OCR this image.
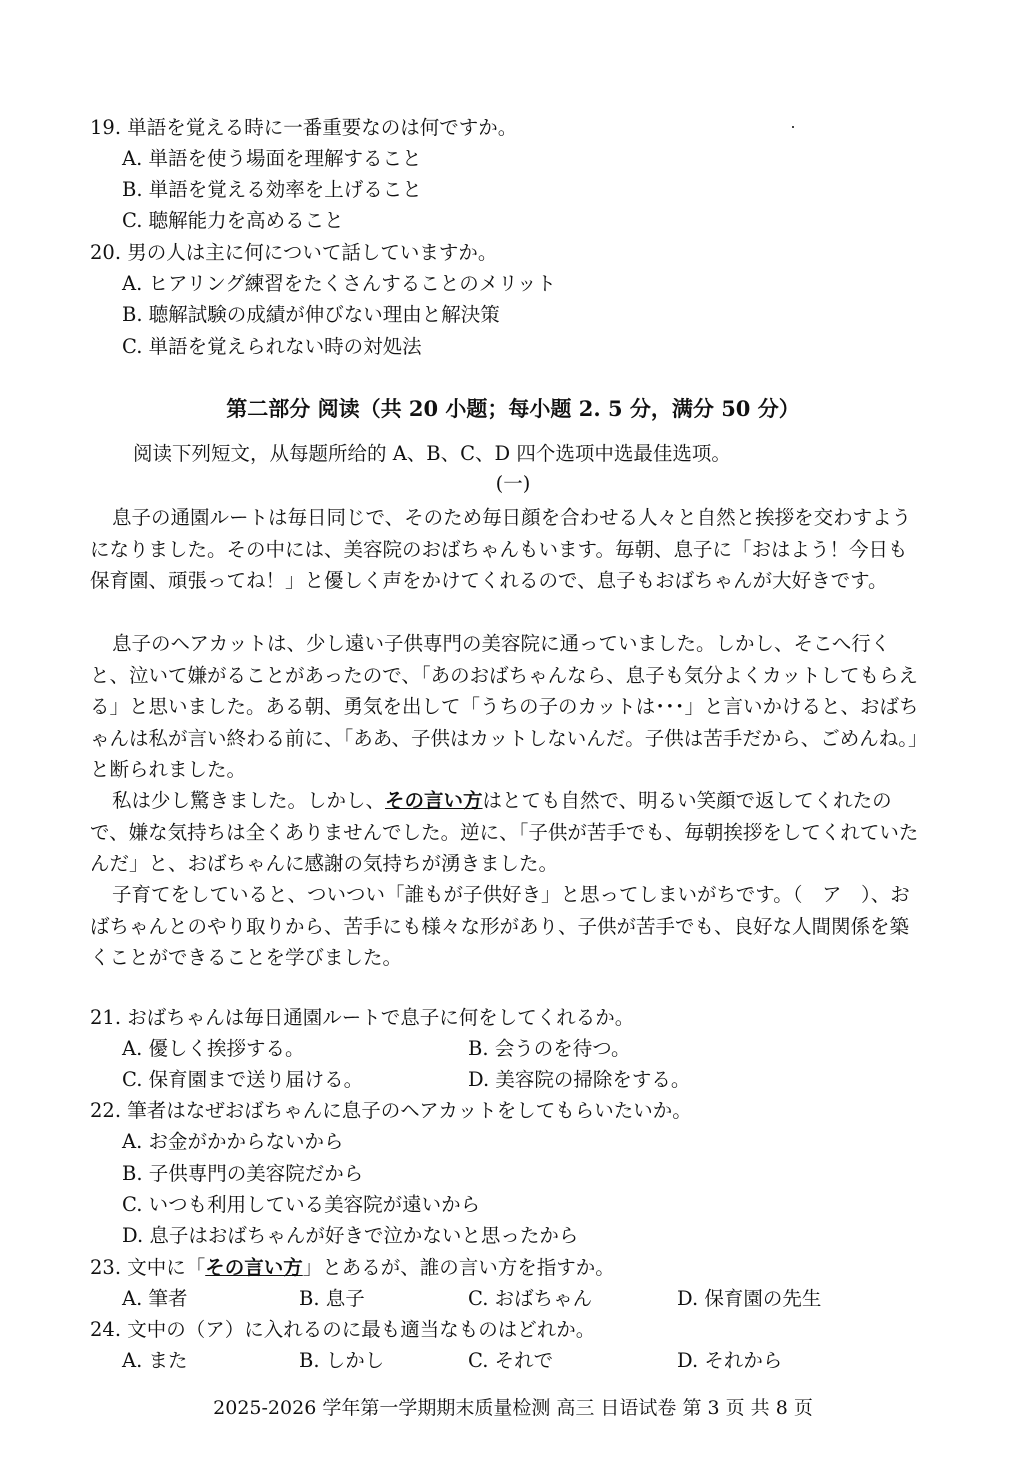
19. 単語を覚える時に一番重要なのは何ですか。
A. 単語を使う場面を理解すること
B. 単語を覚える効率を上げること
C. 聴解能力を高めること
20. 男の人は主に何について話していますか。
A. ヒアリング練習をたくさんすることのメリット
B. 聴解試験の成績が伸びない理由と解決策
C. 単語を覚えられない時の対処法
第二部分 阅读（共 20 小题；每小题 2. 5 分，满分 50 分）
阅读下列短文，从每题所给的 A、B、C、D 四个选项中选最佳选项。
(一)

息子の通園ルートは毎日同じで、そのため毎日顔を合わせる人々と自然と挨拶を交わすようになりました。その中には、美容院のおばちゃんもいます。毎朝、息子に「おはよう！今日も保育園、頑張ってね！」と優しく声をかけてくれるので、息子もおばちゃんが大好きです。

息子のヘアカットは、少し遠い子供専門の美容院に通っていました。しかし、そこへ行くと、泣いて嫌がることがあったので、「あのおばちゃんなら、息子も気分よくカットしてもらえる」と思いました。ある朝、勇気を出して「うちの子のカットは･･･」と言いかけると、おばちゃんは私が言い終わる前に、「ああ、子供はカットしないんだ。子供は苦手だから、ごめんね。」と断られました。

私は少し驚きました。しかし、その言い方はとても自然で、明るい笑顔で返してくれたので、嫌な気持ちは全くありませんでした。逆に、「子供が苦手でも、毎朝挨拶をしてくれていたんだ」と、おばちゃんに感謝の気持ちが湧きました。

子育てをしていると、ついつい「誰もが子供好き」と思ってしまいがちです。（　ア　）、おばちゃんとのやり取りから、苦手にも様々な形があり、子供が苦手でも、良好な人間関係を築くことができることを学びました。

21. おばちゃんは毎日通園ルートで息子に何をしてくれるか。
A. 優しく挨拶する。	B. 会うのを待つ。
C. 保育園まで送り届ける。	D. 美容院の掃除をする。
22. 筆者はなぜおばちゃんに息子のヘアカットをしてもらいたいか。
A. お金がかからないから
B. 子供専門の美容院だから
C. いつも利用している美容院が遠いから
D. 息子はおばちゃんが好きで泣かないと思ったから
23. 文中に「その言い方」とあるが、誰の言い方を指すか。
A. 筆者	B. 息子	C. おばちゃん	D. 保育園の先生
24. 文中の（ア）に入れるのに最も適当なものはどれか。
A. また	B. しかし	C. それで	D. それから
2025-2026 学年第一学期期末质量检测 高三 日语试卷 第 3 页 共 8 页
